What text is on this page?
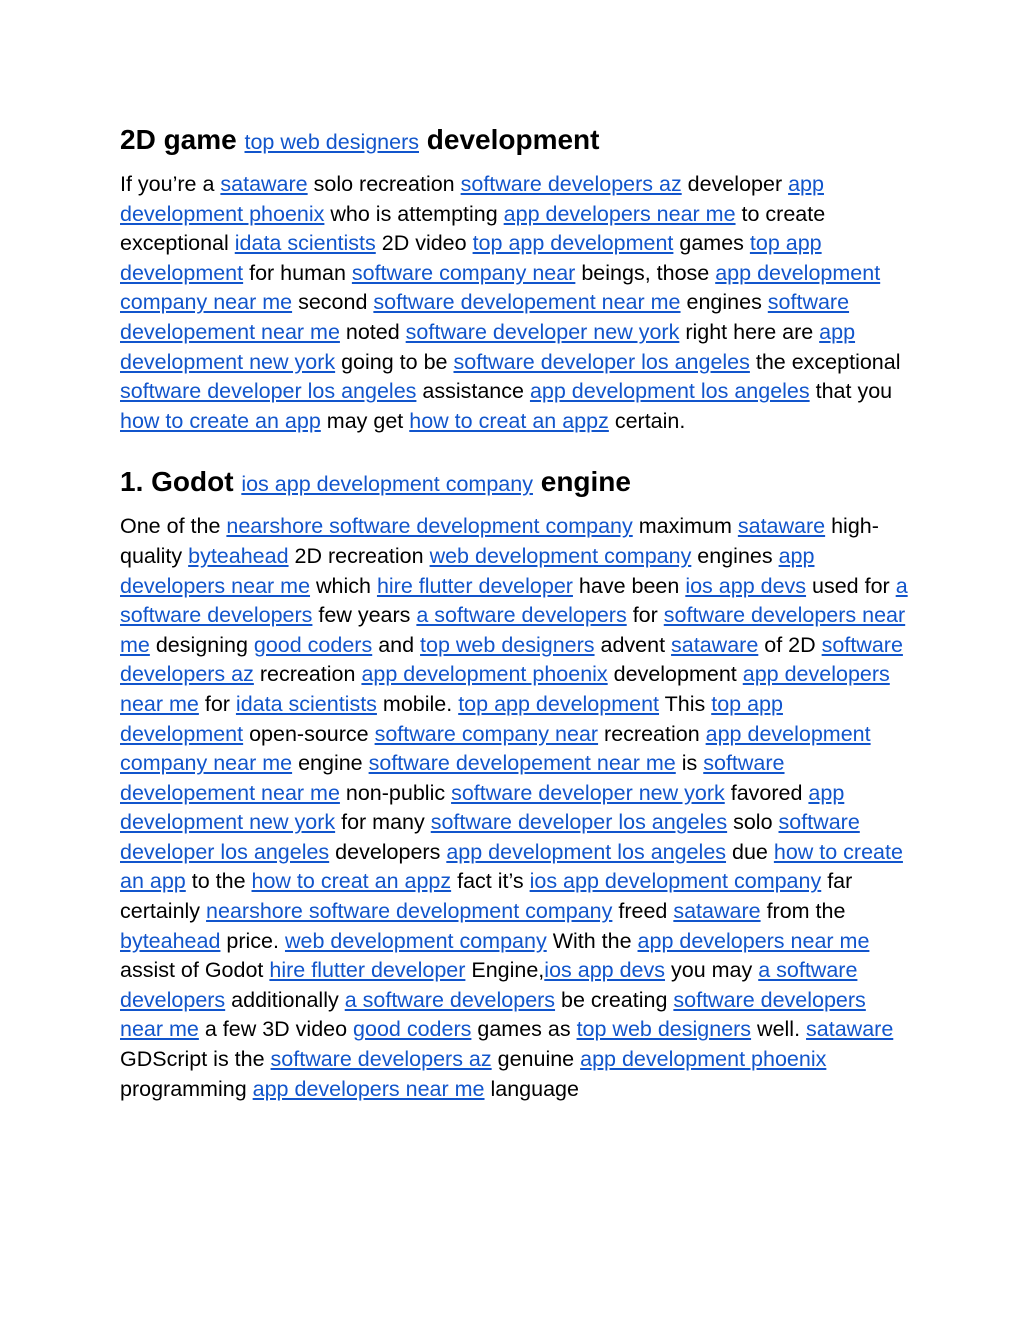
2D game top web designers development

If you’re a sataware solo recreation software developers az developer app development phoenix who is attempting app developers near me to create exceptional idata scientists 2D video top app development games top app development for human software company near beings, those app development company near me second software developement near me engines software developement near me noted software developer new york right here are app development new york going to be software developer los angeles the exceptional software developer los angeles assistance app development los angeles that you how to create an app may get how to creat an appz certain.

1. Godot ios app development company engine

One of the nearshore software development company maximum sataware high-quality byteahead 2D recreation web development company engines app developers near me which hire flutter developer have been ios app devs used for a software developers few years a software developers for software developers near me designing good coders and top web designers advent sataware of 2D software developers az recreation app development phoenix development app developers near me for idata scientists mobile. top app development This top app development open-source software company near recreation app development company near me engine software developement near me is software developement near me non-public software developer new york favored app development new york for many software developer los angeles solo software developer los angeles developers app development los angeles due how to create an app to the how to creat an appz fact it’s ios app development company far certainly nearshore software development company freed sataware from the byteahead price. web development company With the app developers near me assist of Godot hire flutter developer Engine,ios app devs you may a software developers additionally a software developers be creating software developers near me a few 3D video good coders games as top web designers well. sataware GDScript is the software developers az genuine app development phoenix programming app developers near me language
